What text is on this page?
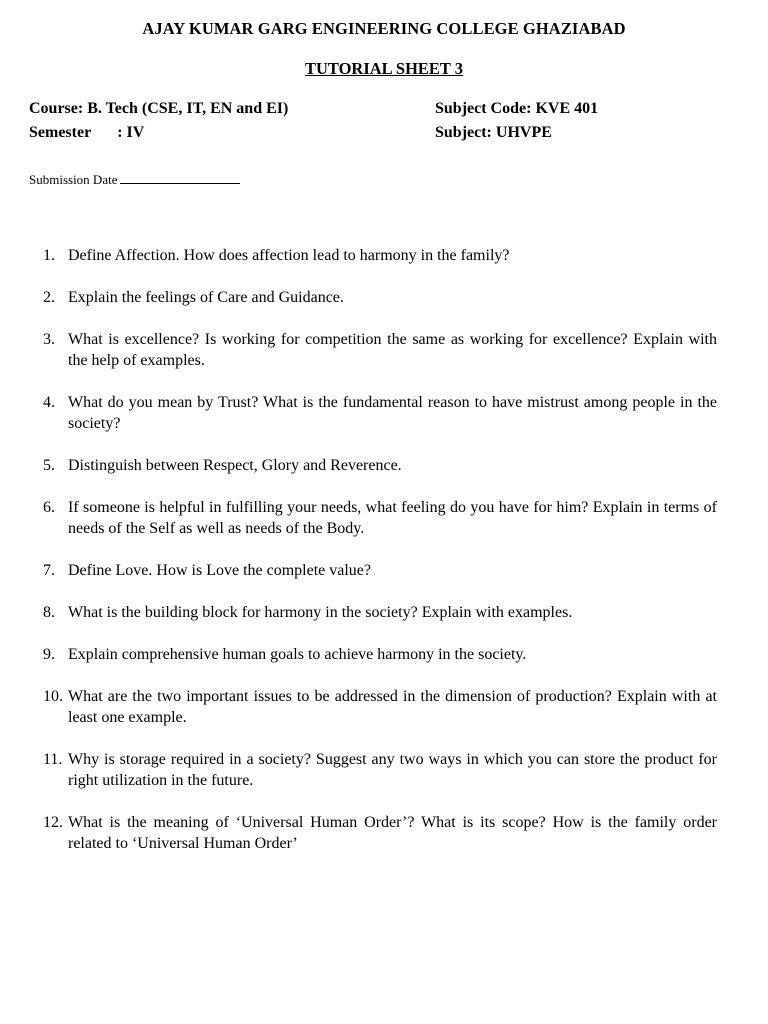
AJAY KUMAR GARG ENGINEERING COLLEGE GHAZIABAD
TUTORIAL SHEET 3
Course: B. Tech (CSE, IT, EN and EI)	Subject Code: KVE 401
Semester : IV	Subject: UHVPE
Submission Date
1. Define Affection. How does affection lead to harmony in the family?
2. Explain the feelings of Care and Guidance.
3. What is excellence? Is working for competition the same as working for excellence? Explain with the help of examples.
4. What do you mean by Trust? What is the fundamental reason to have mistrust among people in the society?
5. Distinguish between Respect, Glory and Reverence.
6. If someone is helpful in fulfilling your needs, what feeling do you have for him? Explain in terms of needs of the Self as well as needs of the Body.
7. Define Love. How is Love the complete value?
8. What is the building block for harmony in the society? Explain with examples.
9. Explain comprehensive human goals to achieve harmony in the society.
10. What are the two important issues to be addressed in the dimension of production? Explain with at least one example.
11. Why is storage required in a society? Suggest any two ways in which you can store the product for right utilization in the future.
12. What is the meaning of ‘Universal Human Order’? What is its scope? How is the family order related to ‘Universal Human Order’
